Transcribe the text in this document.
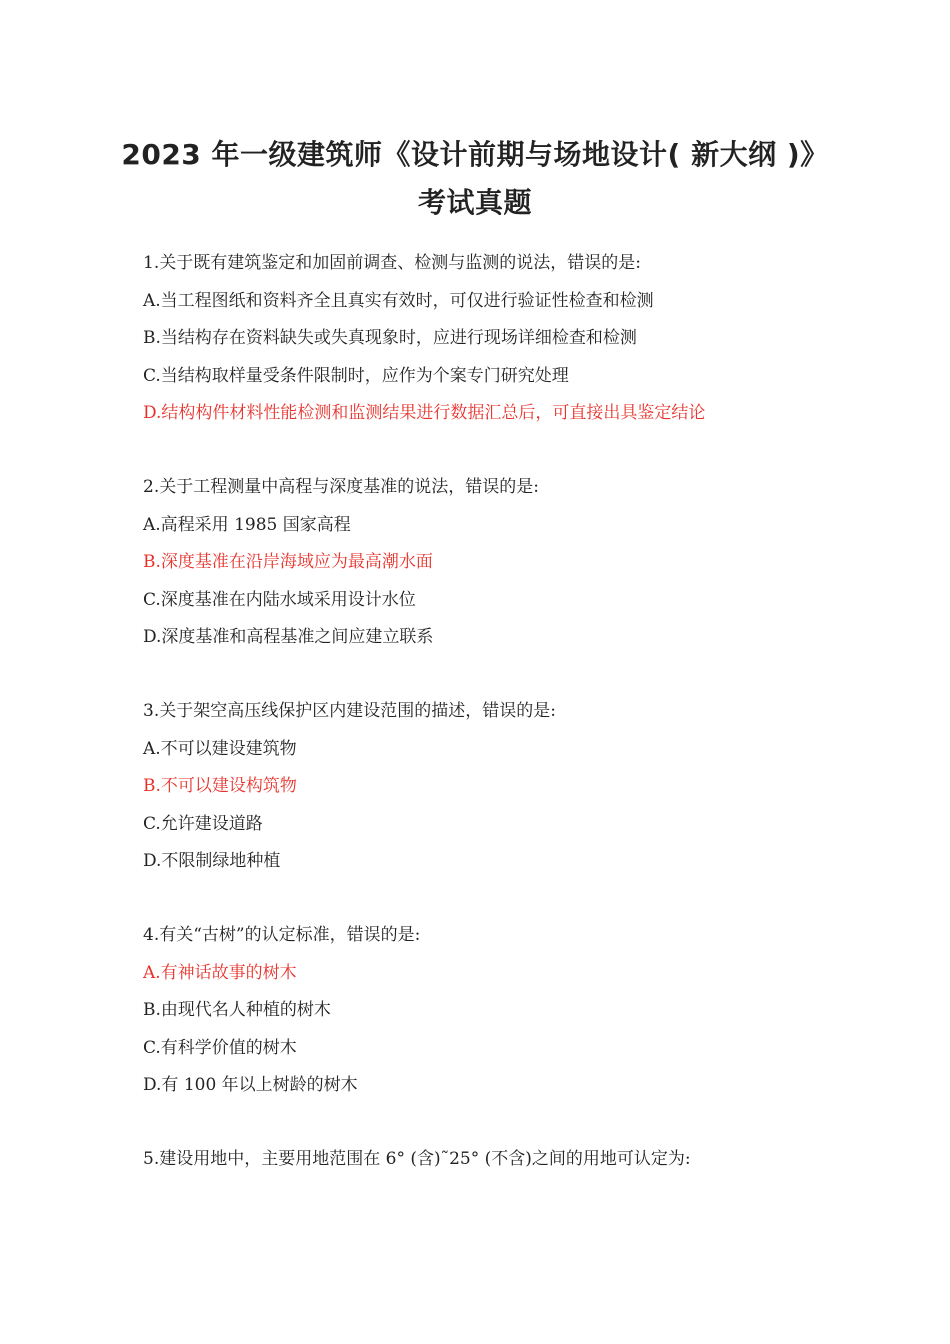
2023 年一级建筑师《设计前期与场地设计( 新大纲 )》
考试真题
1.关于既有建筑鉴定和加固前调查、检测与监测的说法，错误的是:
A.当工程图纸和资料齐全且真实有效时，可仅进行验证性检查和检测
B.当结构存在资料缺失或失真现象时，应进行现场详细检查和检测
C.当结构取样量受条件限制时，应作为个案专门研究处理
D.结构构件材料性能检测和监测结果进行数据汇总后，可直接出具鉴定结论
2.关于工程测量中高程与深度基准的说法，错误的是:
A.高程采用 1985 国家高程
B.深度基准在沿岸海域应为最高潮水面
C.深度基准在内陆水域采用设计水位
D.深度基准和高程基准之间应建立联系
3.关于架空高压线保护区内建设范围的描述，错误的是:
A.不可以建设建筑物
B.不可以建设构筑物
C.允许建设道路
D.不限制绿地种植
4.有关“古树”的认定标准，错误的是:
A.有神话故事的树木
B.由现代名人种植的树木
C.有科学价值的树木
D.有 100 年以上树龄的树木
5.建设用地中，主要用地范围在 6° (含)˜25° (不含)之间的用地可认定为:
